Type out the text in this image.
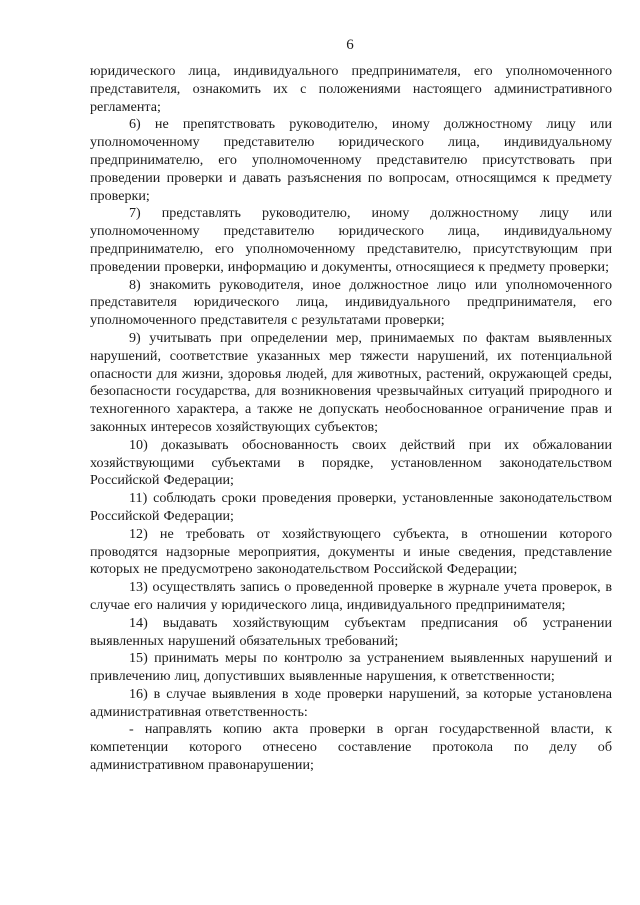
6

юридического лица, индивидуального предпринимателя, его уполномоченного представителя, ознакомить их с положениями настоящего административного регламента;

6) не препятствовать руководителю, иному должностному лицу или уполномоченному представителю юридического лица, индивидуальному предпринимателю, его уполномоченному представителю присутствовать при проведении проверки и давать разъяснения по вопросам, относящимся к предмету проверки;

7) представлять руководителю, иному должностному лицу или уполномоченному представителю юридического лица, индивидуальному предпринимателю, его уполномоченному представителю, присутствующим при проведении проверки, информацию и документы, относящиеся к предмету проверки;

8) знакомить руководителя, иное должностное лицо или уполномоченного представителя юридического лица, индивидуального предпринимателя, его уполномоченного представителя с результатами проверки;

9) учитывать при определении мер, принимаемых по фактам выявленных нарушений, соответствие указанных мер тяжести нарушений, их потенциальной опасности для жизни, здоровья людей, для животных, растений, окружающей среды, безопасности государства, для возникновения чрезвычайных ситуаций природного и техногенного характера, а также не допускать необоснованное ограничение прав и законных интересов хозяйствующих субъектов;

10) доказывать обоснованность своих действий при их обжаловании хозяйствующими субъектами в порядке, установленном законодательством Российской Федерации;

11) соблюдать сроки проведения проверки, установленные законодательством Российской Федерации;

12) не требовать от хозяйствующего субъекта, в отношении которого проводятся надзорные мероприятия, документы и иные сведения, представление которых не предусмотрено законодательством Российской Федерации;

13) осуществлять запись о проведенной проверке в журнале учета проверок, в случае его наличия у юридического лица, индивидуального предпринимателя;

14) выдавать хозяйствующим субъектам предписания об устранении выявленных нарушений обязательных требований;

15) принимать меры по контролю за устранением выявленных нарушений и привлечению лиц, допустивших выявленные нарушения, к ответственности;

16) в случае выявления в ходе проверки нарушений, за которые установлена административная ответственность:

- направлять копию акта проверки в орган государственной власти, к компетенции которого отнесено составление протокола по делу об административном правонарушении;
